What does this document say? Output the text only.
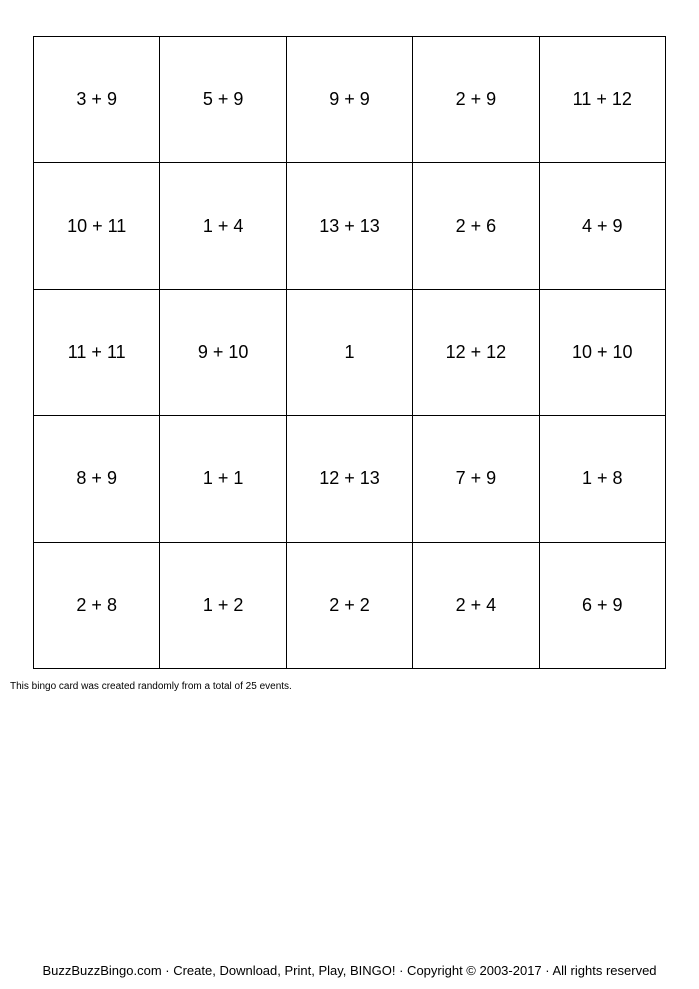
3 + 9	5 + 9	9 + 9	2 + 9	11 + 12
10 + 11	1 + 4	13 + 13	2 + 6	4 + 9
11 + 11	9 + 10	1	12 + 12	10 + 10
8 + 9	1 + 1	12 + 13	7 + 9	1 + 8
2 + 8	1 + 2	2 + 2	2 + 4	6 + 9
This bingo card was created randomly from a total of 25 events.
BuzzBuzzBingo.com · Create, Download, Print, Play, BINGO! · Copyright © 2003-2017 · All rights reserved
